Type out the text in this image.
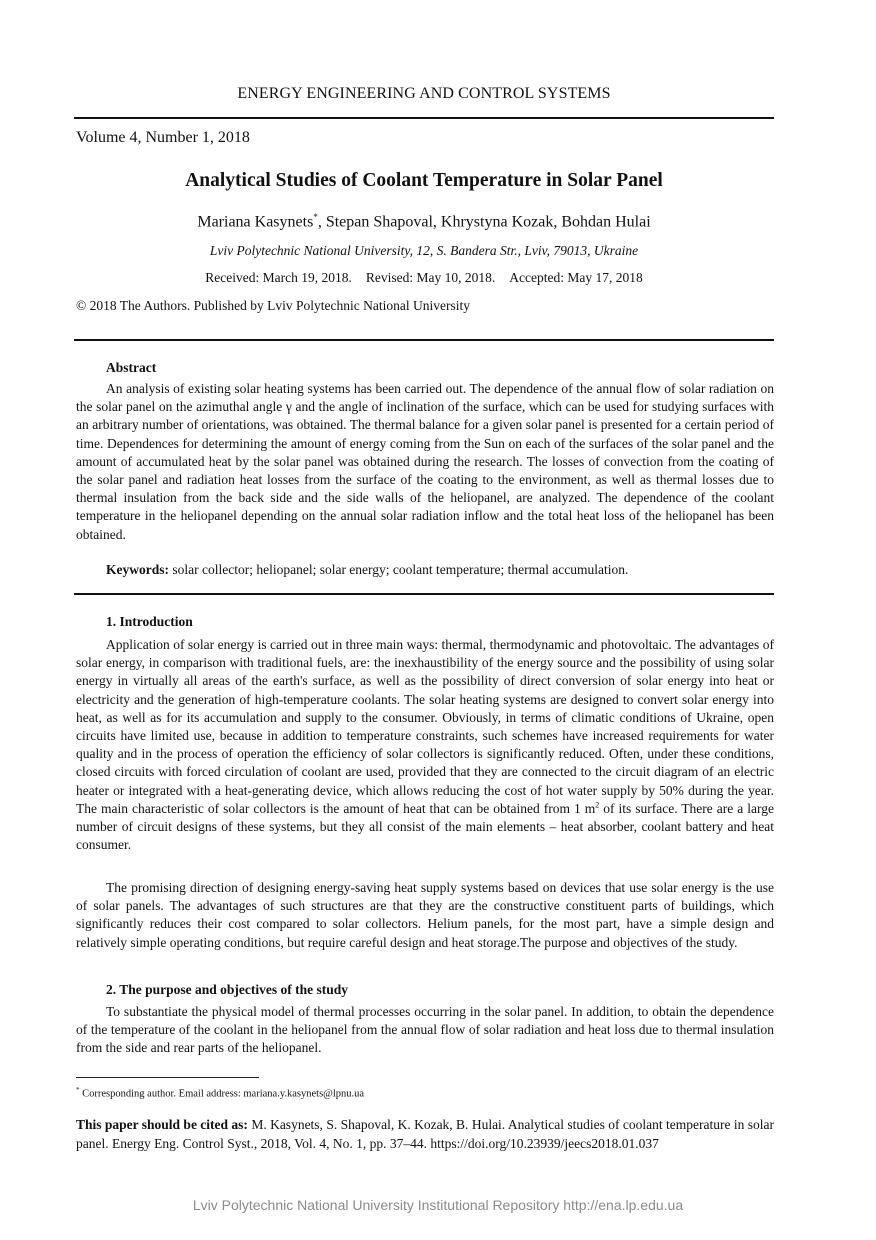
ENERGY ENGINEERING AND CONTROL SYSTEMS
Volume 4, Number 1, 2018
Analytical Studies of Coolant Temperature in Solar Panel
Mariana Kasynets*, Stepan Shapoval, Khrystyna Kozak, Bohdan Hulai
Lviv Polytechnic National University, 12, S. Bandera Str., Lviv, 79013, Ukraine
Received: March 19, 2018. Revised: May 10, 2018. Accepted: May 17, 2018
© 2018 The Authors. Published by Lviv Polytechnic National University
Abstract
An analysis of existing solar heating systems has been carried out. The dependence of the annual flow of solar radiation on the solar panel on the azimuthal angle γ and the angle of inclination of the surface, which can be used for studying surfaces with an arbitrary number of orientations, was obtained. The thermal balance for a given solar panel is presented for a certain period of time. Dependences for determining the amount of energy coming from the Sun on each of the surfaces of the solar panel and the amount of accumulated heat by the solar panel was obtained during the research. The losses of convection from the coating of the solar panel and radiation heat losses from the surface of the coating to the environment, as well as thermal losses due to thermal insulation from the back side and the side walls of the heliopanel, are analyzed. The dependence of the coolant temperature in the heliopanel depending on the annual solar radiation inflow and the total heat loss of the heliopanel has been obtained.
Keywords: solar collector; heliopanel; solar energy; coolant temperature; thermal accumulation.
1. Introduction
Application of solar energy is carried out in three main ways: thermal, thermodynamic and photovoltaic. The advantages of solar energy, in comparison with traditional fuels, are: the inexhaustibility of the energy source and the possibility of using solar energy in virtually all areas of the earth's surface, as well as the possibility of direct conversion of solar energy into heat or electricity and the generation of high-temperature coolants. The solar heating systems are designed to convert solar energy into heat, as well as for its accumulation and supply to the consumer. Obviously, in terms of climatic conditions of Ukraine, open circuits have limited use, because in addition to temperature constraints, such schemes have increased requirements for water quality and in the process of operation the efficiency of solar collectors is significantly reduced. Often, under these conditions, closed circuits with forced circulation of coolant are used, provided that they are connected to the circuit diagram of an electric heater or integrated with a heat-generating device, which allows reducing the cost of hot water supply by 50% during the year. The main characteristic of solar collectors is the amount of heat that can be obtained from 1 $m^2$ of its surface. There are a large number of circuit designs of these systems, but they all consist of the main elements – heat absorber, coolant battery and heat consumer.
The promising direction of designing energy-saving heat supply systems based on devices that use solar energy is the use of solar panels. The advantages of such structures are that they are the constructive constituent parts of buildings, which significantly reduces their cost compared to solar collectors. Helium panels, for the most part, have a simple design and relatively simple operating conditions, but require careful design and heat storage.The purpose and objectives of the study.
2. The purpose and objectives of the study
To substantiate the physical model of thermal processes occurring in the solar panel. In addition, to obtain the dependence of the temperature of the coolant in the heliopanel from the annual flow of solar radiation and heat loss due to thermal insulation from the side and rear parts of the heliopanel.
* Corresponding author. Email address: mariana.y.kasynets@lpnu.ua
This paper should be cited as: M. Kasynets, S. Shapoval, K. Kozak, B. Hulai. Analytical studies of coolant temperature in solar panel. Energy Eng. Control Syst., 2018, Vol. 4, No. 1, pp. 37–44. https://doi.org/10.23939/jeecs2018.01.037
Lviv Polytechnic National University Institutional Repository http://ena.lp.edu.ua
